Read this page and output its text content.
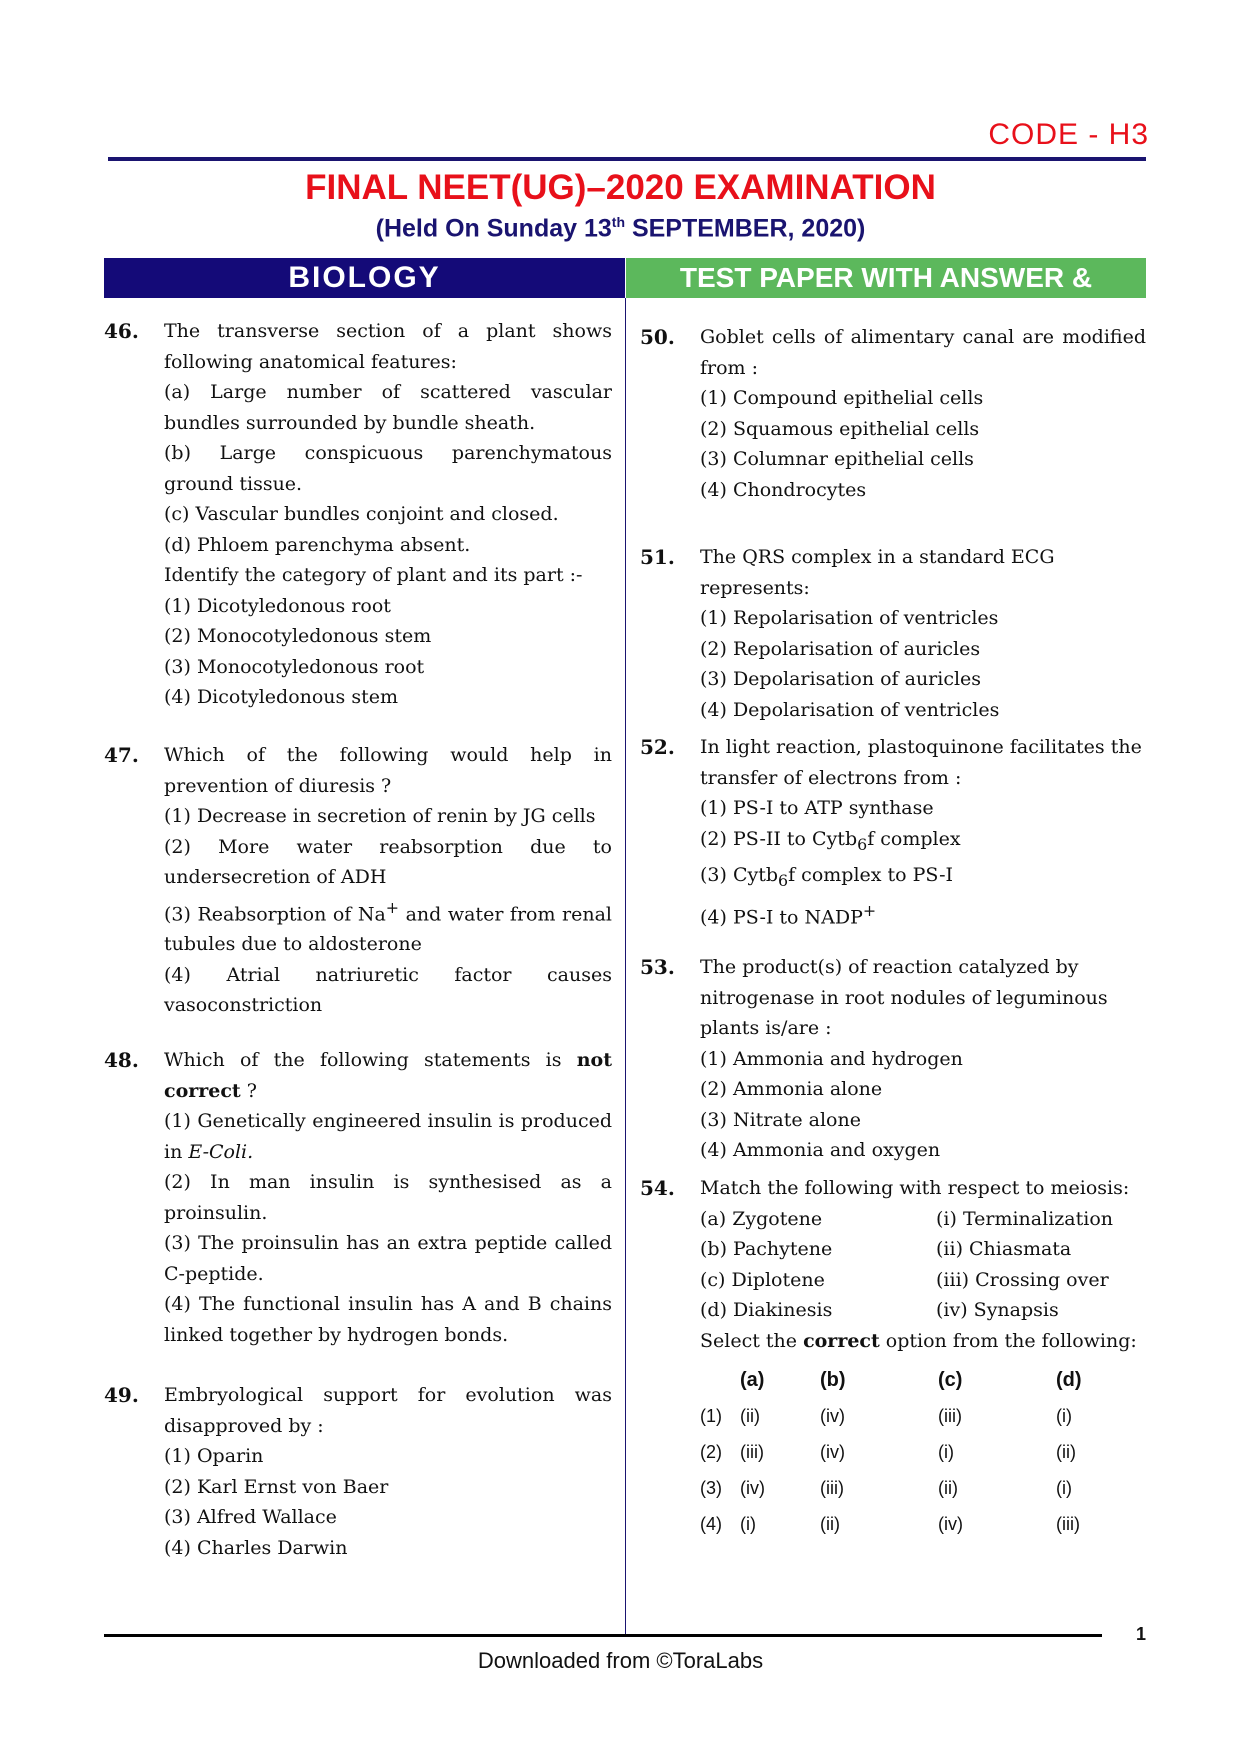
CODE - H3
FINAL NEET(UG)–2020 EXAMINATION
(Held On Sunday 13th SEPTEMBER, 2020)
BIOLOGY	TEST PAPER WITH ANSWER & SOLUTIONS
46. The transverse section of a plant shows following anatomical features:
(a) Large number of scattered vascular bundles surrounded by bundle sheath.
(b) Large conspicuous parenchymatous ground tissue.
(c) Vascular bundles conjoint and closed.
(d) Phloem parenchyma absent.
Identify the category of plant and its part :-
(1) Dicotyledonous root
(2) Monocotyledonous stem
(3) Monocotyledonous root
(4) Dicotyledonous stem
47. Which of the following would help in prevention of diuresis ?
(1) Decrease in secretion of renin by JG cells
(2) More water reabsorption due to undersecretion of ADH
(3) Reabsorption of Na+ and water from renal tubules due to aldosterone
(4) Atrial natriuretic factor causes vasoconstriction
48. Which of the following statements is not correct ?
(1) Genetically engineered insulin is produced in E-Coli.
(2) In man insulin is synthesised as a proinsulin.
(3) The proinsulin has an extra peptide called C-peptide.
(4) The functional insulin has A and B chains linked together by hydrogen bonds.
49. Embryological support for evolution was disapproved by :
(1) Oparin
(2) Karl Ernst von Baer
(3) Alfred Wallace
(4) Charles Darwin
50. Goblet cells of alimentary canal are modified from :
(1) Compound epithelial cells
(2) Squamous epithelial cells
(3) Columnar epithelial cells
(4) Chondrocytes
51. The QRS complex in a standard ECG represents:
(1) Repolarisation of ventricles
(2) Repolarisation of auricles
(3) Depolarisation of auricles
(4) Depolarisation of ventricles
52. In light reaction, plastoquinone facilitates the transfer of electrons from :
(1) PS-I to ATP synthase
(2) PS-II to Cytb$_6$f complex
(3) Cytb$_6$f complex to PS-I
(4) PS-I to NADP+
53. The product(s) of reaction catalyzed by nitrogenase in root nodules of leguminous plants is/are :
(1) Ammonia and hydrogen
(2) Ammonia alone
(3) Nitrate alone
(4) Ammonia and oxygen
54. Match the following with respect to meiosis:
(a) Zygotene	(i) Terminalization
(b) Pachytene	(ii) Chiasmata
(c) Diplotene	(iii) Crossing over
(d) Diakinesis	(iv) Synapsis
Select the correct option from the following:
(a)	(b)	(c)	(d)
(1)	(ii)	(iv)	(iii)	(i)
(2)	(iii)	(iv)	(i)	(ii)
(3)	(iv)	(iii)	(ii)	(i)
(4)	(i)	(ii)	(iv)	(iii)
1
Downloaded from ©ToraLabs
